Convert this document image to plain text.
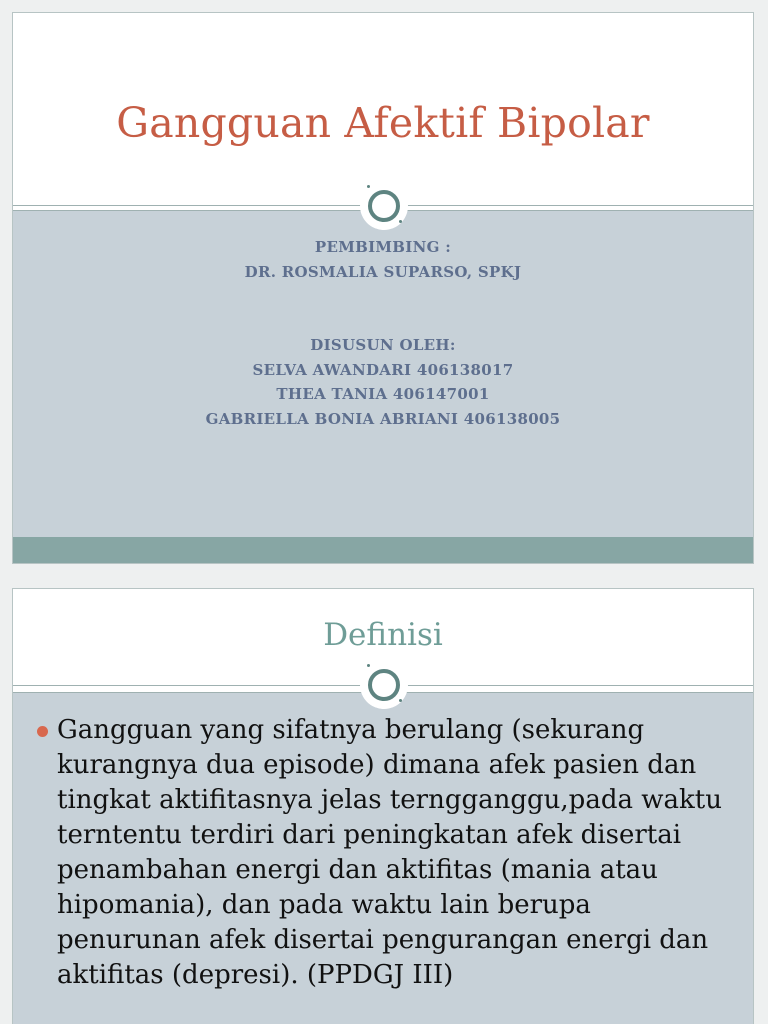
Gangguan Afektif Bipolar
PEMBIMBING :
DR. ROSMALIA SUPARSO, SPKJ
DISUSUN OLEH:
SELVA AWANDARI 406138017
THEA TANIA 406147001
GABRIELLA BONIA ABRIANI 406138005
Definisi
Gangguan yang sifatnya berulang (sekurang kurangnya dua episode) dimana afek pasien dan tingkat aktifitasnya jelas terngganggu,pada waktu terntentu terdiri dari peningkatan afek disertai penambahan energi dan aktifitas (mania atau hipomania), dan pada waktu lain berupa penurunan afek disertai pengurangan energi dan aktifitas (depresi). (PPDGJ III)
